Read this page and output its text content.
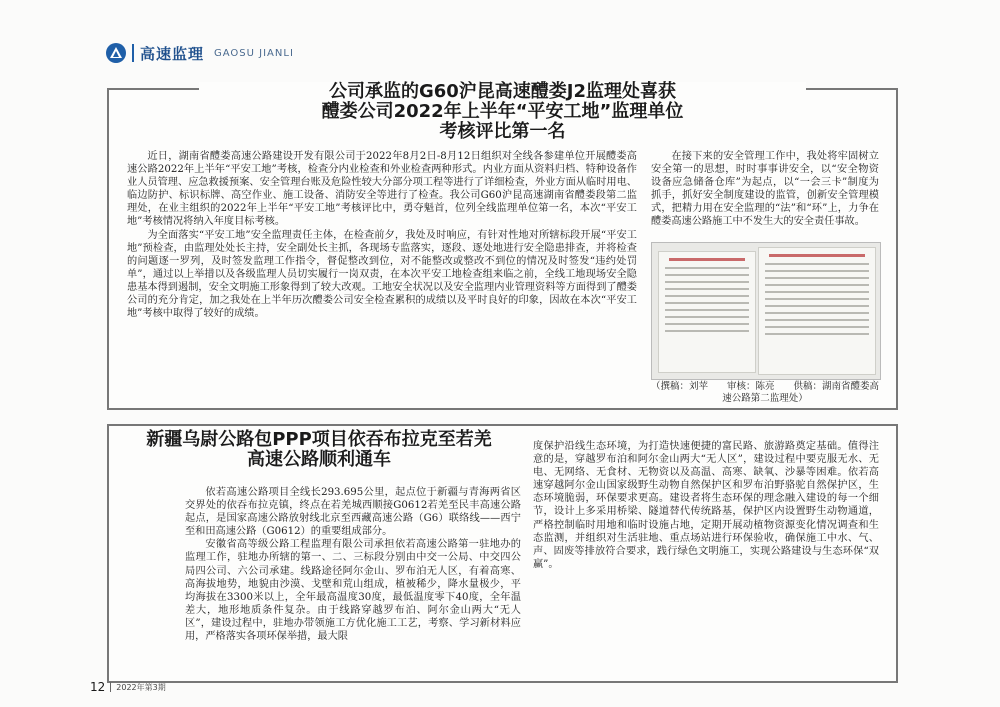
高速监理 GAOSU JIANLI
公司承监的G60沪昆高速醴娄J2监理处喜获
醴娄公司2022年上半年“平安工地”监理单位
考核评比第一名

近日，湖南省醴娄高速公路建设开发有限公司于2022年8月2日-8月12日组织对全线各参建单位开展醴娄高速公路2022年上半年“平安工地”考核，检查分内业检查和外业检查两种形式。内业方面从资料归档、特种设备作业人员管理、应急救援预案、安全管理台账及危险性较大分部分项工程等进行了详细检查，外业方面从临时用电、临边防护、标识标牌、高空作业、施工设备、消防安全等进行了检查。我公司G60沪昆高速湖南省醴娄段第二监理处，在业主组织的2022年上半年“平安工地”考核评比中，勇夺魁首，位列全线监理单位第一名，本次“平安工地”考核情况将纳入年度目标考核。

为全面落实“平安工地”安全监理责任主体，在检查前夕，我处及时响应，有针对性地对所辖标段开展“平安工地”预检查，由监理处处长主持，安全副处长主抓，各现场专监落实，逐段、逐处地进行安全隐患排查，并将检查的问题逐一罗列，及时签发监理工作指令，督促整改到位，对不能整改或整改不到位的情况及时签发“违约处罚单”，通过以上举措以及各级监理人员切实履行一岗双责，在本次平安工地检查组来临之前，全线工地现场安全隐患基本得到遏制，安全文明施工形象得到了较大改观。工地安全状况以及安全监理内业管理资料等方面得到了醴娄公司的充分肯定，加之我处在上半年历次醴娄公司安全检查累积的成绩以及平时良好的印象，因故在本次“平安工地”考核中取得了较好的成绩。

在接下来的安全管理工作中，我处将牢固树立安全第一的思想，时时事事讲安全，以“安全物资设备应急储备仓库”为起点，以“一会三卡”制度为抓手，抓好安全制度建设的监管，创新安全管理模式，把精力用在安全监理的“法”和“环”上，力争在醴娄高速公路施工中不发生大的安全责任事故。

（撰稿：刘苹　　审核：陈亮　　供稿：湖南省醴娄高速公路第二监理处）
新疆乌尉公路包PPP项目依吞布拉克至若羌
高速公路顺利通车

依若高速公路项目全线长293.695公里，起点位于新疆与青海两省区交界处的依吞布拉克镇，终点在若羌城西顺接G0612若羌至民丰高速公路起点，是国家高速公路放射线北京至西藏高速公路（G6）联络线——西宁至和田高速公路（G0612）的重要组成部分。

安徽省高等级公路工程监理有限公司承担依若高速公路第一驻地办的监理工作，驻地办所辖的第一、二、三标段分别由中交一公局、中交四公局四公司、六公司承建。线路途径阿尔金山、罗布泊无人区，有着高寒、高海拔地势，地貌由沙漠、戈壁和荒山组成，植被稀少，降水量极少，平均海拔在3300米以上，全年最高温度30度，最低温度零下40度，全年温差大，地形地质条件复杂。由于线路穿越罗布泊、阿尔金山两大“无人区”，建设过程中，驻地办带领施工方优化施工工艺，考察、学习新材料应用，严格落实各项环保举措，最大限

度保护沿线生态环境，为打造快速便捷的富民路、旅游路奠定基础。值得注意的是，穿越罗布泊和阿尔金山两大“无人区”，建设过程中要克服无水、无电、无网络、无食材、无物资以及高温、高寒、缺氧、沙暴等困难。依若高速穿越阿尔金山国家级野生动物自然保护区和罗布泊野骆驼自然保护区，生态环境脆弱，环保要求更高。建设者将生态环保的理念融入建设的每一个细节，设计上多采用桥梁、隧道替代传统路基，保护区内设置野生动物通道，严格控制临时用地和临时设施占地，定期开展动植物资源变化情况调查和生态监测，并组织对生活驻地、重点场站进行环保验收，确保施工中水、气、声、固废等排放符合要求，践行绿色文明施工，实现公路建设与生态环保“双赢”。

12 2022年第3期
